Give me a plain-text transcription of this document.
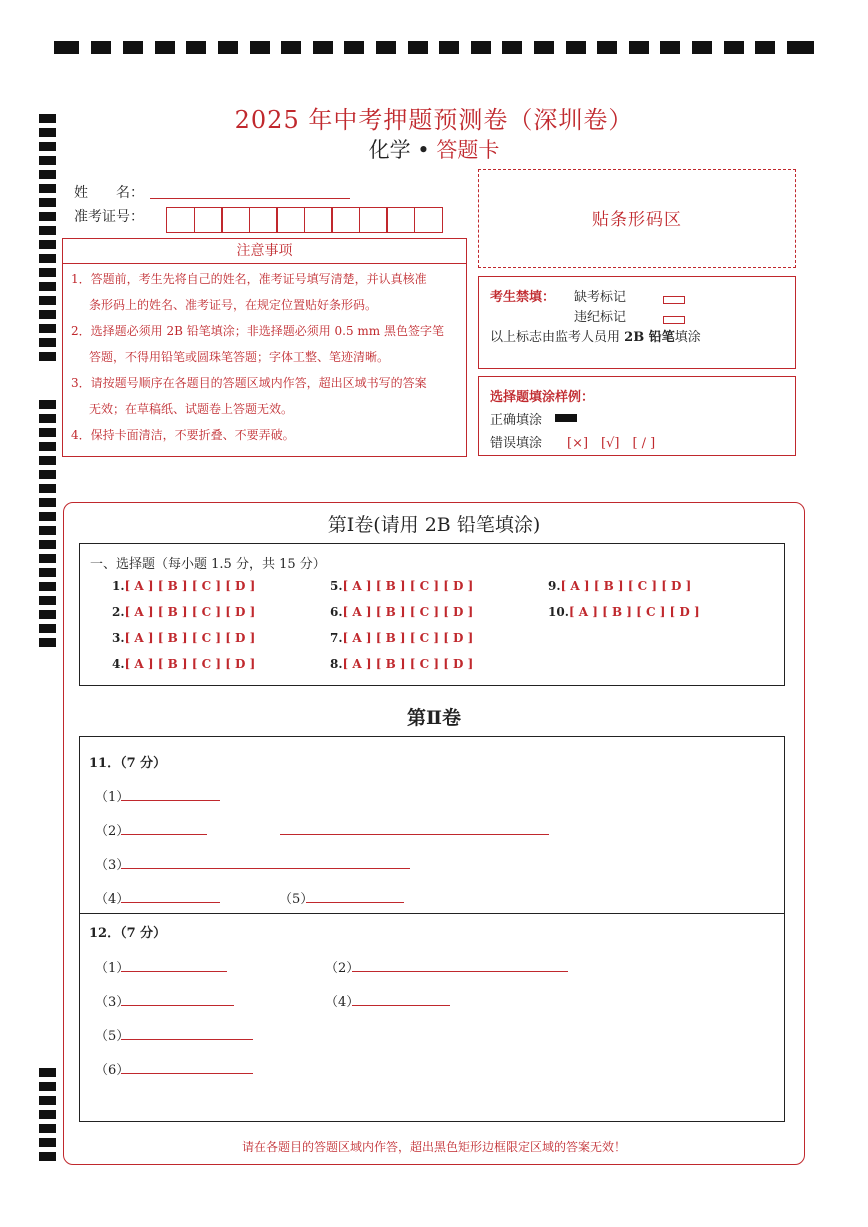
2025 年中考押题预测卷（深圳卷）
化学 • 答题卡
姓　　名：
准考证号：	贴条形码区
注意事项
1．答题前，考生先将自己的姓名，准考证号填写清楚，并认真核准
条形码上的姓名、准考证号，在规定位置贴好条形码。
2．选择题必须用 2B 铅笔填涂；非选择题必须用 0.5 mm 黑色签字笔
答题，不得用铅笔或圆珠笔答题；字体工整、笔迹清晰。
3．请按题号顺序在各题目的答题区域内作答，超出区域书写的答案
无效；在草稿纸、试题卷上答题无效。
4．保持卡面清洁，不要折叠、不要弄破。
考生禁填： 缺考标记
违纪标记
以上标志由监考人员用 2B 铅笔填涂
选择题填涂样例：
正确填涂
错误填涂 [×]　[√]　[ / ]
第Ⅰ卷(请用 2B 铅笔填涂)
一、选择题（每小题 1.5 分，共 15 分）
1.[ A ] [ B ] [ C ] [ D ]
2.[ A ] [ B ] [ C ] [ D ]
3.[ A ] [ B ] [ C ] [ D ]
4.[ A ] [ B ] [ C ] [ D ]
5.[ A ] [ B ] [ C ] [ D ]
6.[ A ] [ B ] [ C ] [ D ]
7.[ A ] [ B ] [ C ] [ D ]
8.[ A ] [ B ] [ C ] [ D ]
9.[ A ] [ B ] [ C ] [ D ]
10.[ A ] [ B ] [ C ] [ D ]
第Ⅱ卷
11．（7 分）
（1）
（2）
（3）
（4）	（5）
12．（7 分）
（1）	（2）
（3）	（4）
（5）
（6）
请在各题目的答题区域内作答，超出黑色矩形边框限定区域的答案无效！
